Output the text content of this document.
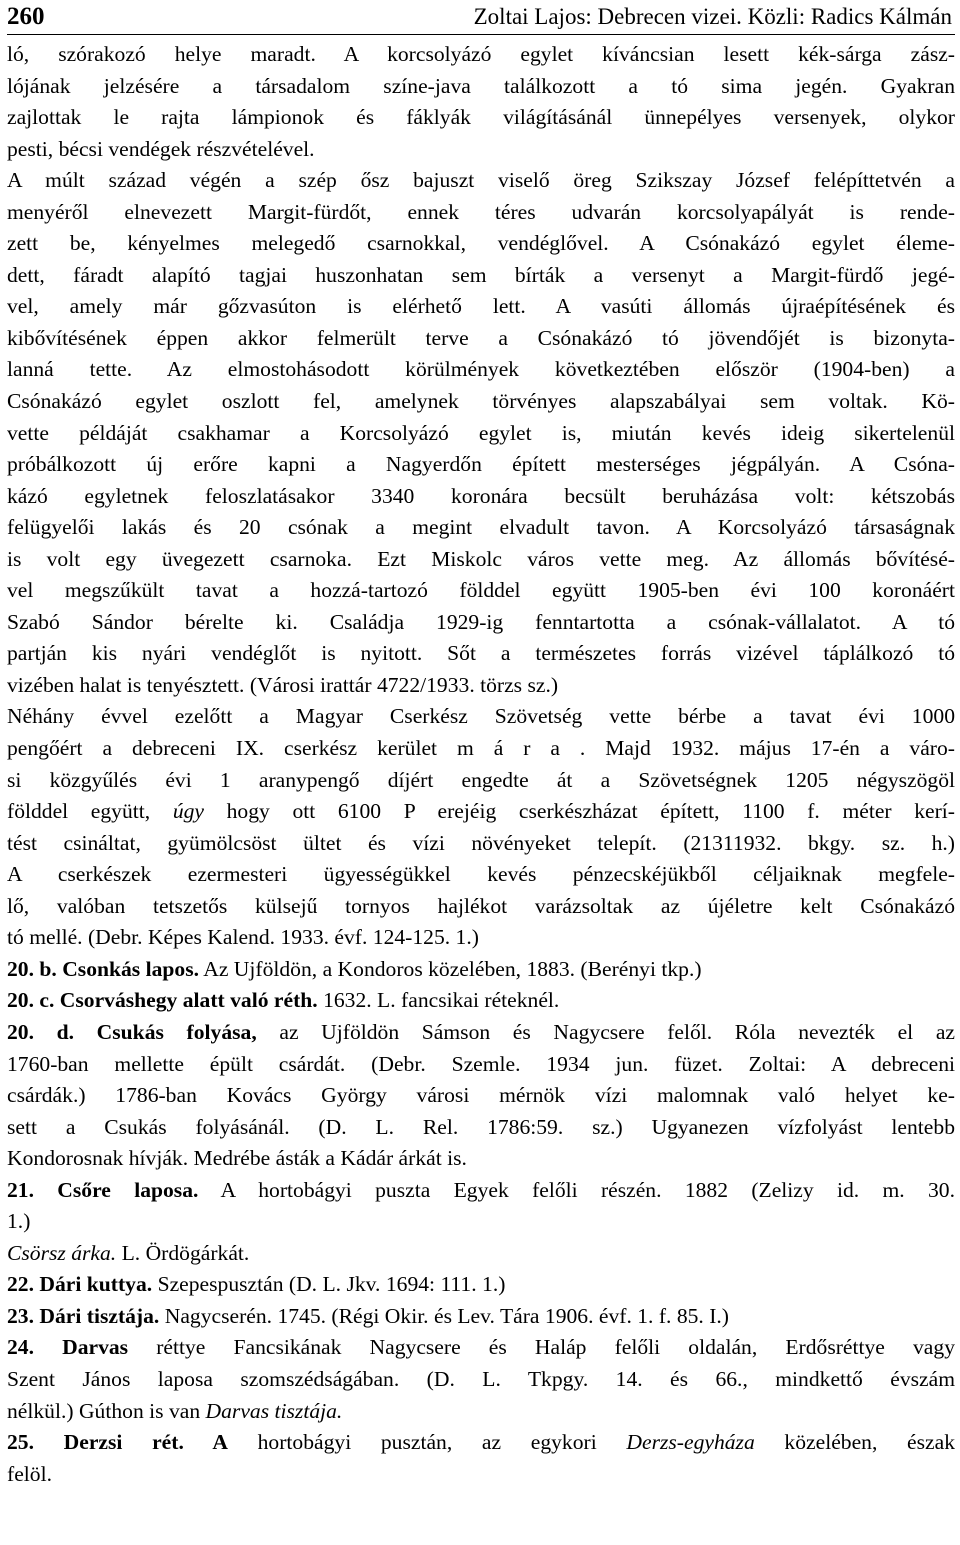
260	Zoltai Lajos: Debrecen vizei. Közli: Radics Kálmán
ló, szórakozó helye maradt. A korcsolyázó egylet kíváncsian lesett kék-sárga zász-
lójának jelzésére a társadalom színe-java találkozott a tó sima jegén. Gyakran
zajlottak le rajta lámpionok és fáklyák világításánál ünnepélyes versenyek, olykor
pesti, bécsi vendégek részvételével.
A múlt század végén a szép ősz bajuszt viselő öreg Szikszay József felépíttetvén a
menyéről elnevezett Margit-fürdőt, ennek téres udvarán korcsolyapályát is rende-
zett be, kényelmes melegedő csarnokkal, vendéglővel. A Csónakázó egylet éleme-
dett, fáradt alapító tagjai huszonhatan sem bírták a versenyt a Margit-fürdő jegé-
vel, amely már gőzvasúton is elérhető lett. A vasúti állomás újraépítésének és
kibővítésének éppen akkor felmerült terve a Csónakázó tó jövendőjét is bizonyta-
lanná tette. Az elmostohásodott körülmények következtében először (1904-ben) a
Csónakázó egylet oszlott fel, amelynek törvényes alapszabályai sem voltak. Kö-
vette példáját csakhamar a Korcsolyázó egylet is, miután kevés ideig sikertelenül
próbálkozott új erőre kapni a Nagyerdőn épített mesterséges jégpályán. A Csóna-
kázó egyletnek feloszlatásakor 3340 koronára becsült beruházása volt: kétszobás
felügyelői lakás és 20 csónak a megint elvadult tavon. A Korcsolyázó társaságnak
is volt egy üvegezett csarnoka. Ezt Miskolc város vette meg. Az állomás bővítésé-
vel megszűkült tavat a hozzá-tartozó földdel együtt 1905-ben évi 100 koronáért
Szabó Sándor bérelte ki. Családja 1929-ig fenntartotta a csónak-vállalatot. A tó
partján kis nyári vendéglőt is nyitott. Sőt a természetes forrás vizével táplálkozó tó
vizében halat is tenyésztett. (Városi irattár 4722/1933. törzs sz.)
Néhány évvel ezelőtt a Magyar Cserkész Szövetség vette bérbe a tavat évi 1000
pengőért a debreceni IX. cserkész kerület m á r a . Majd 1932. május 17-én a váro-
si közgyűlés évi 1 aranypengő díjért engedte át a Szövetségnek 1205 négyszögöl
földdel együtt, úgy hogy ott 6100 P erejéig cserkészházat épített, 1100 f. méter kerí-
tést csináltat, gyümölcsöst ültet és vízi növényeket telepít. (21311932. bkgy. sz. h.)
A cserkészek ezermesteri ügyességükkel kevés pénzecskéjükből céljaiknak megfele-
lő, valóban tetszetős külsejű tornyos hajlékot varázsoltak az újéletre kelt Csónakázó
tó mellé. (Debr. Képes Kalend. 1933. évf. 124-125. 1.)
20. b. Csonkás lapos. Az Ujföldön, a Kondoros közelében, 1883. (Berényi tkp.)
20. c. Csorváshegy alatt való réth. 1632. L. fancsikai réteknél.
20. d. Csukás folyása, az Ujföldön Sámson és Nagycsere felől. Róla nevezték el az
1760-ban mellette épült csárdát. (Debr. Szemle. 1934 jun. füzet. Zoltai: A debreceni
csárdák.) 1786-ban Kovács György városi mérnök vízi malomnak való helyet ke-
sett a Csukás folyásánál. (D. L. Rel. 1786:59. sz.) Ugyanezen vízfolyást lentebb
Kondorosnak hívják. Medrébe ásták a Kádár árkát is.
21. Csőre laposa. A hortobágyi puszta Egyek felőli részén. 1882 (Zelizy id. m. 30.
1.)
Csörsz árka. L. Ördögárkát.
22. Dári kuttya. Szepespusztán (D. L. Jkv. 1694: 111. 1.)
23. Dári tisztája. Nagycserén. 1745. (Régi Okir. és Lev. Tára 1906. évf. 1. f. 85. I.)
24. Darvas réttye Fancsikának Nagycsere és Haláp felőli oldalán, Erdősréttye vagy
Szent János laposa szomszédságában. (D. L. Tkpgy. 14. és 66., mindkettő évszám
nélkül.) Gúthon is van Darvas tisztája.
25. Derzsi rét. A hortobágyi pusztán, az egykori Derzs-egyháza közelében, észak
felöl.
